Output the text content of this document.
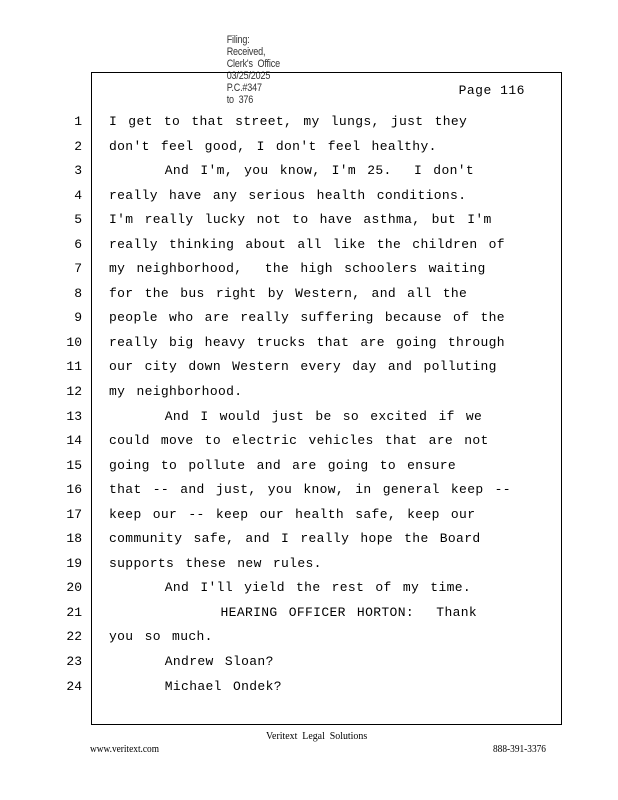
Filing:
Received,
Clerk's  Office
03/25/2025
P.C.#347
to  376

Page 116
1 I get to that street, my lungs, just they
2 don't feel good, I don't feel healthy.
3 And I'm, you know, I'm 25.  I don't
4 really have any serious health conditions.
5 I'm really lucky not to have asthma, but I'm
6 really thinking about all like the children of
7 my neighborhood,  the high schoolers waiting
8 for the bus right by Western, and all the
9 people who are really suffering because of the
10 really big heavy trucks that are going through
11 our city down Western every day and polluting
12 my neighborhood.
13 And I would just be so excited if we
14 could move to electric vehicles that are not
15 going to pollute and are going to ensure
16 that -- and just, you know, in general keep --
17 keep our -- keep our health safe, keep our
18 community safe, and I really hope the Board
19 supports these new rules.
20 And I'll yield the rest of my time.
21 HEARING OFFICER HORTON:  Thank
22 you so much.
23 Andrew Sloan?
24 Michael Ondek?
Veritext  Legal  Solutions
www.veritext.com	888-391-3376
